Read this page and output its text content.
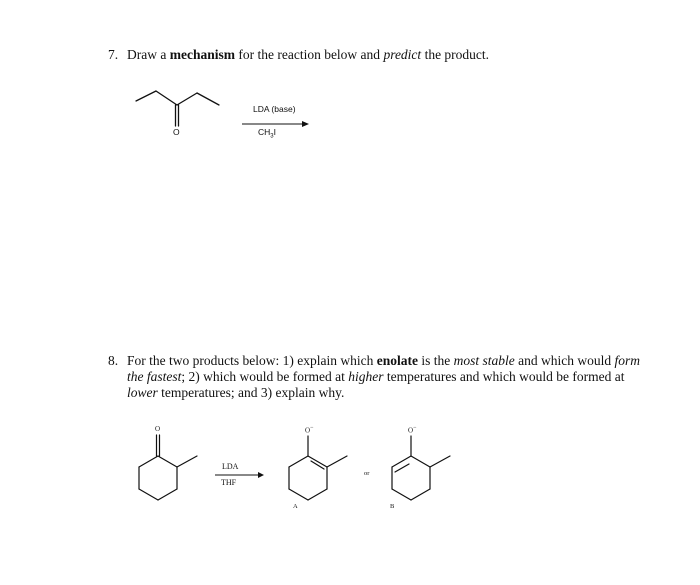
7. Draw a mechanism for the reaction below and predict the product.
O
LDA (base)
$CH_3I$
8. For the two products below: 1) explain which enolate is the most stable and which would form the fastest; 2) which would be formed at higher temperatures and which would be formed at lower temperatures; and 3) explain why.
O
LDA
THF
O−
A
or
O−
B
